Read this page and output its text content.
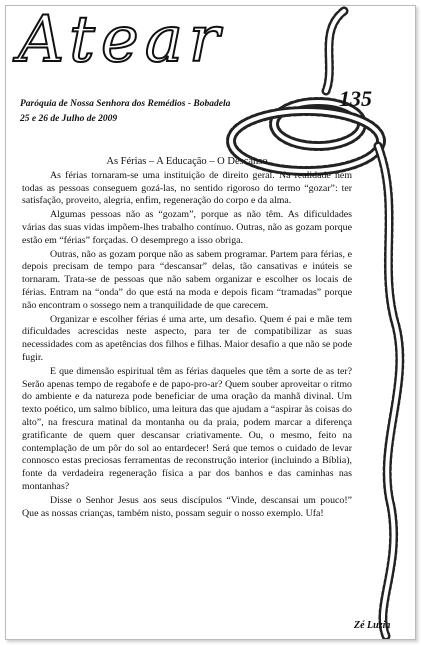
Atear
Paróquia de Nossa Senhora dos Remédios - Bobadela
25 e 26 de Julho de 2009
135
As Férias – A Educação – O Descanso

As férias tornaram-se uma instituição de direito geral. Na realidade nem todas as pessoas conseguem gozá-las, no sentido rigoroso do termo “gozar”: ter satisfação, proveito, alegria, enfim, regeneração do corpo e da alma.

Algumas pessoas não as “gozam”, porque as não têm. As dificuldades várias das suas vidas impõem-lhes trabalho contínuo. Outras, não as gozam porque estão em “férias” forçadas. O desemprego a isso obriga.

Outras, não as gozam porque não as sabem programar. Partem para férias, e depois precisam de tempo para “descansar” delas, tão cansativas e inúteis se tornaram. Trata-se de pessoas que não sabem organizar e escolher os locais de férias. Entram na “onda” do que está na moda e depois ficam “tramadas” porque não encontram o sossego nem a tranquilidade de que carecem.

Organizar e escolher férias é uma arte, um desafio. Quem é pai e mãe tem dificuldades acrescidas neste aspecto, para ter de compatibilizar as suas necessidades com as apetências dos filhos e filhas. Maior desafio a que não se pode fugir.

E que dimensão espiritual têm as férias daqueles que têm a sorte de as ter? Serão apenas tempo de regabofe e de papo-pro-ar? Quem souber aproveitar o ritmo do ambiente e da natureza pode beneficiar de uma oração da manhã divinal. Um texto poético, um salmo bíblico, uma leitura das que ajudam a “aspirar às coisas do alto”, na frescura matinal da montanha ou da praia, podem marcar a diferença gratificante de quem quer descansar criativamente. Ou, o mesmo, feito na contemplação de um pôr do sol ao entardecer! Será que temos o cuidado de levar connosco estas preciosas ferramentas de reconstrução interior (incluindo a Bíblia), fonte da verdadeira regeneração física a par dos banhos e das caminhas nas montanhas?

Disse o Senhor Jesus aos seus discípulos “Vinde, descansai um pouco!” Que as nossas crianças, também nisto, possam seguir o nosso exemplo. Ufa!

Zé Luzia
